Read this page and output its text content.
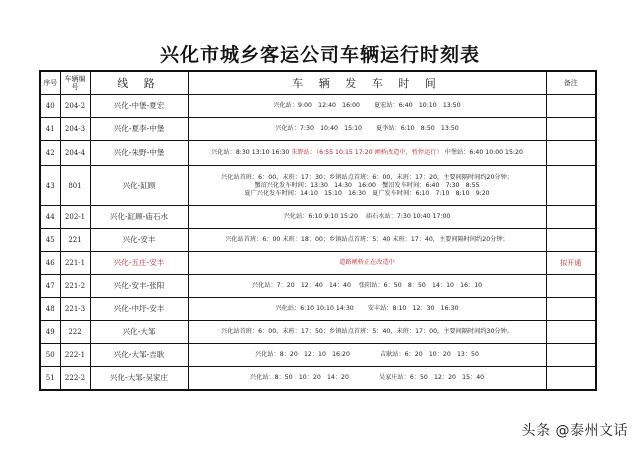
兴化市城乡客运公司车辆运行时刻表
序号	车辆编号	线 路	车 辆 发 车 时 间	备注
40	204-2	兴化-中堡-夏宏	兴化站：9:00　12:40　16:00 夏宏站：6:40　10:10　13:50	
41	204-3	兴化-夏李-中堡	兴化站：7:30　10:40　15:10 夏李站：6:10　8:50　13:50	
42	204-4	兴化-朱野-中堡	兴化站：8:30 13:10 16:30 朱野站：（6:55 10:15 17:20 闸桥改造中，暂停运行） 中堡站：6:40 10:00 15:20	
43	801	兴化-缸顾	兴化站首班：6：00、末班：17：30；乡镇站点首班：6：00、末班：17：20，主要间隔时间约20分钟；
蟹沼兴化发车时间：13:30　14:30　16:00　蟹沼发车时间：6:40　7:30　8:55
夏广兴化发车时间：14:10　15:10　16:30　夏广发车时间：6:10　7:10　8:10　9:20	

44	202-1	兴化-缸顾-庙石水	兴化站：6:10 9:10 15:20 庙石水站：7:30 10:40 17:00	
45	221	兴化-安丰	兴化站首班：6：00 末班：18：00；乡镇站点首班：5：40 末班：17：40，主要间隔时间约20分钟；	
46	221-1	兴化-五庄-安丰	道路闸桥正在改造中	拟开通
47	221-2	兴化-安丰-张阳	兴化站：7：20　12：40　14：40 张阳站：6：50　8：50　14：10　16：10	
48	221-3	兴化-中圩-安丰	兴化站：6:10 10:10 14:30 安丰站：8:10　12：30　16:30	
49	222	兴化-大邹	兴化站首班：6：00、末班：17：50；乡镇站点首班：5：40、末班：17：00，主要间隔时间约30分钟。	
50	222-1	兴化-大邹-吉耿	兴化站：8：20　12：10　16:20 吉耿站：6：20　10：20　13：50	
51	222-2	兴化-大邹-吴家庄	兴化站：8：50　10：20　14：20 吴家庄站：6：50　12：20　15：40	
头条 @泰州文话
